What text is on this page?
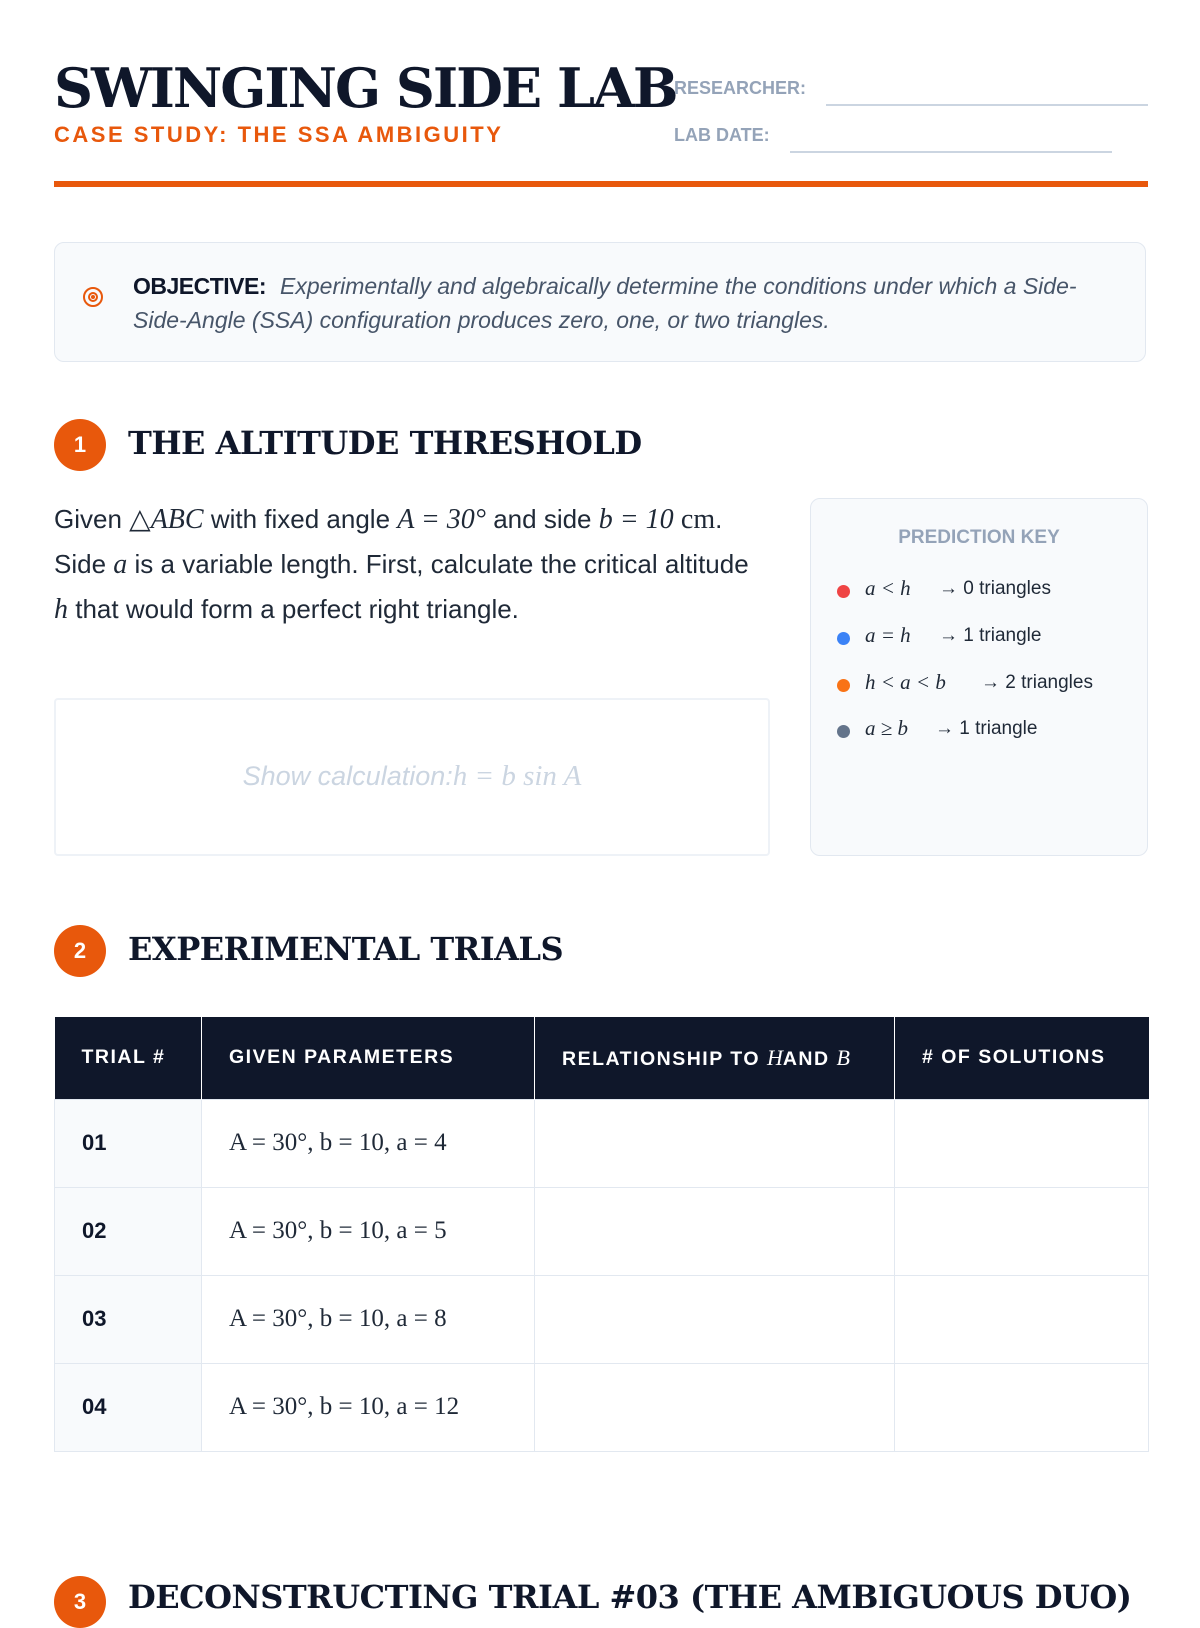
SWINGING SIDE LAB
CASE STUDY: THE SSA AMBIGUITY
RESEARCHER:
LAB DATE:
OBJECTIVE: Experimentally and algebraically determine the conditions under which a Side-Side-Angle (SSA) configuration produces zero, one, or two triangles.
1	THE ALTITUDE THRESHOLD
Given △ABC with fixed angle A = 30° and side b = 10 cm. Side a is a variable length. First, calculate the critical altitude h that would form a perfect right triangle.
Show calculation:h = b sin A
PREDICTION KEY
a < h → 0 triangles
a = h → 1 triangle
h < a < b → 2 triangles
a ≥ b → 1 triangle
2	EXPERIMENTAL TRIALS
TRIAL #	GIVEN PARAMETERS	RELATIONSHIP TO HAND B	# OF SOLUTIONS
01	A = 30°, b = 10, a = 4		
02	A = 30°, b = 10, a = 5		
03	A = 30°, b = 10, a = 8		
04	A = 30°, b = 10, a = 12		
3	DECONSTRUCTING TRIAL #03 (THE AMBIGUOUS DUO)
